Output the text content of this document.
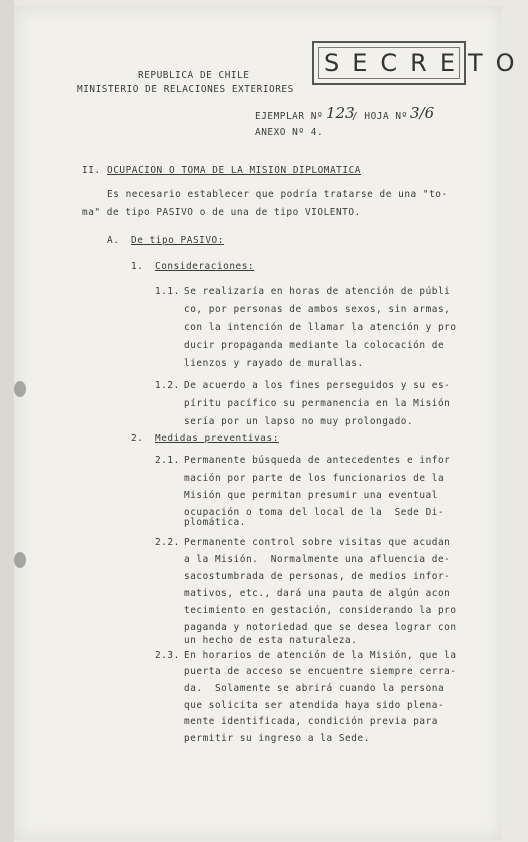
SECRETO
REPUBLICA DE CHILE
MINISTERIO DE RELACIONES EXTERIORES
EJEMPLAR Nº 123
/ HOJA Nº 3/6
ANEXO Nº 4.
II. OCUPACION O TOMA DE LA MISION DIPLOMATICA
Es necesario establecer que podría tratarse de una "to-
ma" de tipo PASIVO o de una de tipo VIOLENTO.
A. De tipo PASIVO:
1. Consideraciones:
1.1. Se realizaría en horas de atención de públi
co, por personas de ambos sexos, sin armas,
con la intención de llamar la atención y pro
ducir propaganda mediante la colocación de
lienzos y rayado de murallas.
1.2. De acuerdo a los fines perseguidos y su es-
píritu pacífico su permanencia en la Misión
sería por un lapso no muy prolongado.
2. Medidas preventivas:
2.1. Permanente búsqueda de antecedentes e infor
mación por parte de los funcionarios de la
Misión que permitan presumir una eventual
ocupación o toma del local de la  Sede Di-
plomática.
2.2. Permanente control sobre visitas que acudan
a la Misión.  Normalmente una afluencia de-
sacostumbrada de personas, de medios infor-
mativos, etc., dará una pauta de algún acon
tecimiento en gestación, considerando la pro
paganda y notoriedad que se desea lograr con
un hecho de esta naturaleza.
2.3. En horarios de atención de la Misión, que la
puerta de acceso se encuentre siempre cerra-
da.  Solamente se abrirá cuando la persona
que solicita ser atendida haya sido plena-
mente identificada, condición previa para
permitir su ingreso a la Sede.
